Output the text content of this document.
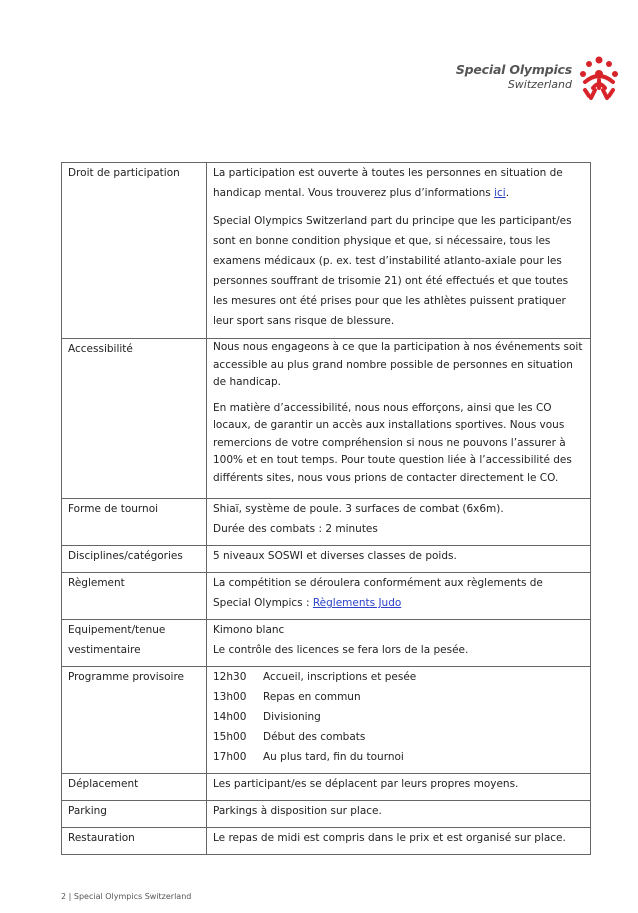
Special Olympics
Switzerland
Droit de participation	La participation est ouverte à toutes les personnes en situation de handicap mental. Vous trouverez plus d’informations ici.

Special Olympics Switzerland part du principe que les participant/es sont en bonne condition physique et que, si nécessaire, tous les examens médicaux (p. ex. test d’instabilité atlanto-axiale pour les personnes souffrant de trisomie 21) ont été effectués et que toutes les mesures ont été prises pour que les athlètes puissent pratiquer leur sport sans risque de blessure.

Accessibilité	Nous nous engageons à ce que la participation à nos événements soit accessible au plus grand nombre possible de personnes en situation de handicap.

En matière d’accessibilité, nous nous efforçons, ainsi que les CO locaux, de garantir un accès aux installations sportives. Nous vous remercions de votre compréhension si nous ne pouvons l’assurer à 100% et en tout temps. Pour toute question liée à l’accessibilité des différents sites, nous vous prions de contacter directement le CO.

Forme de tournoi	Shiaï, système de poule. 3 surfaces de combat (6x6m).
Durée des combats : 2 minutes

Disciplines/catégories	5 niveaux SOSWI et diverses classes de poids.

Règlement	La compétition se déroulera conformément aux règlements de Special Olympics : Règlements Judo

Equipement/tenue vestimentaire	Kimono blanc
Le contrôle des licences se fera lors de la pesée.

Programme provisoire	12h30 Accueil, inscriptions et pesée
13h00 Repas en commun
14h00 Divisioning
15h00 Début des combats
17h00 Au plus tard, fin du tournoi

Déplacement	Les participant/es se déplacent par leurs propres moyens.

Parking	Parkings à disposition sur place.

Restauration	Le repas de midi est compris dans le prix et est organisé sur place.
2 | Special Olympics Switzerland
